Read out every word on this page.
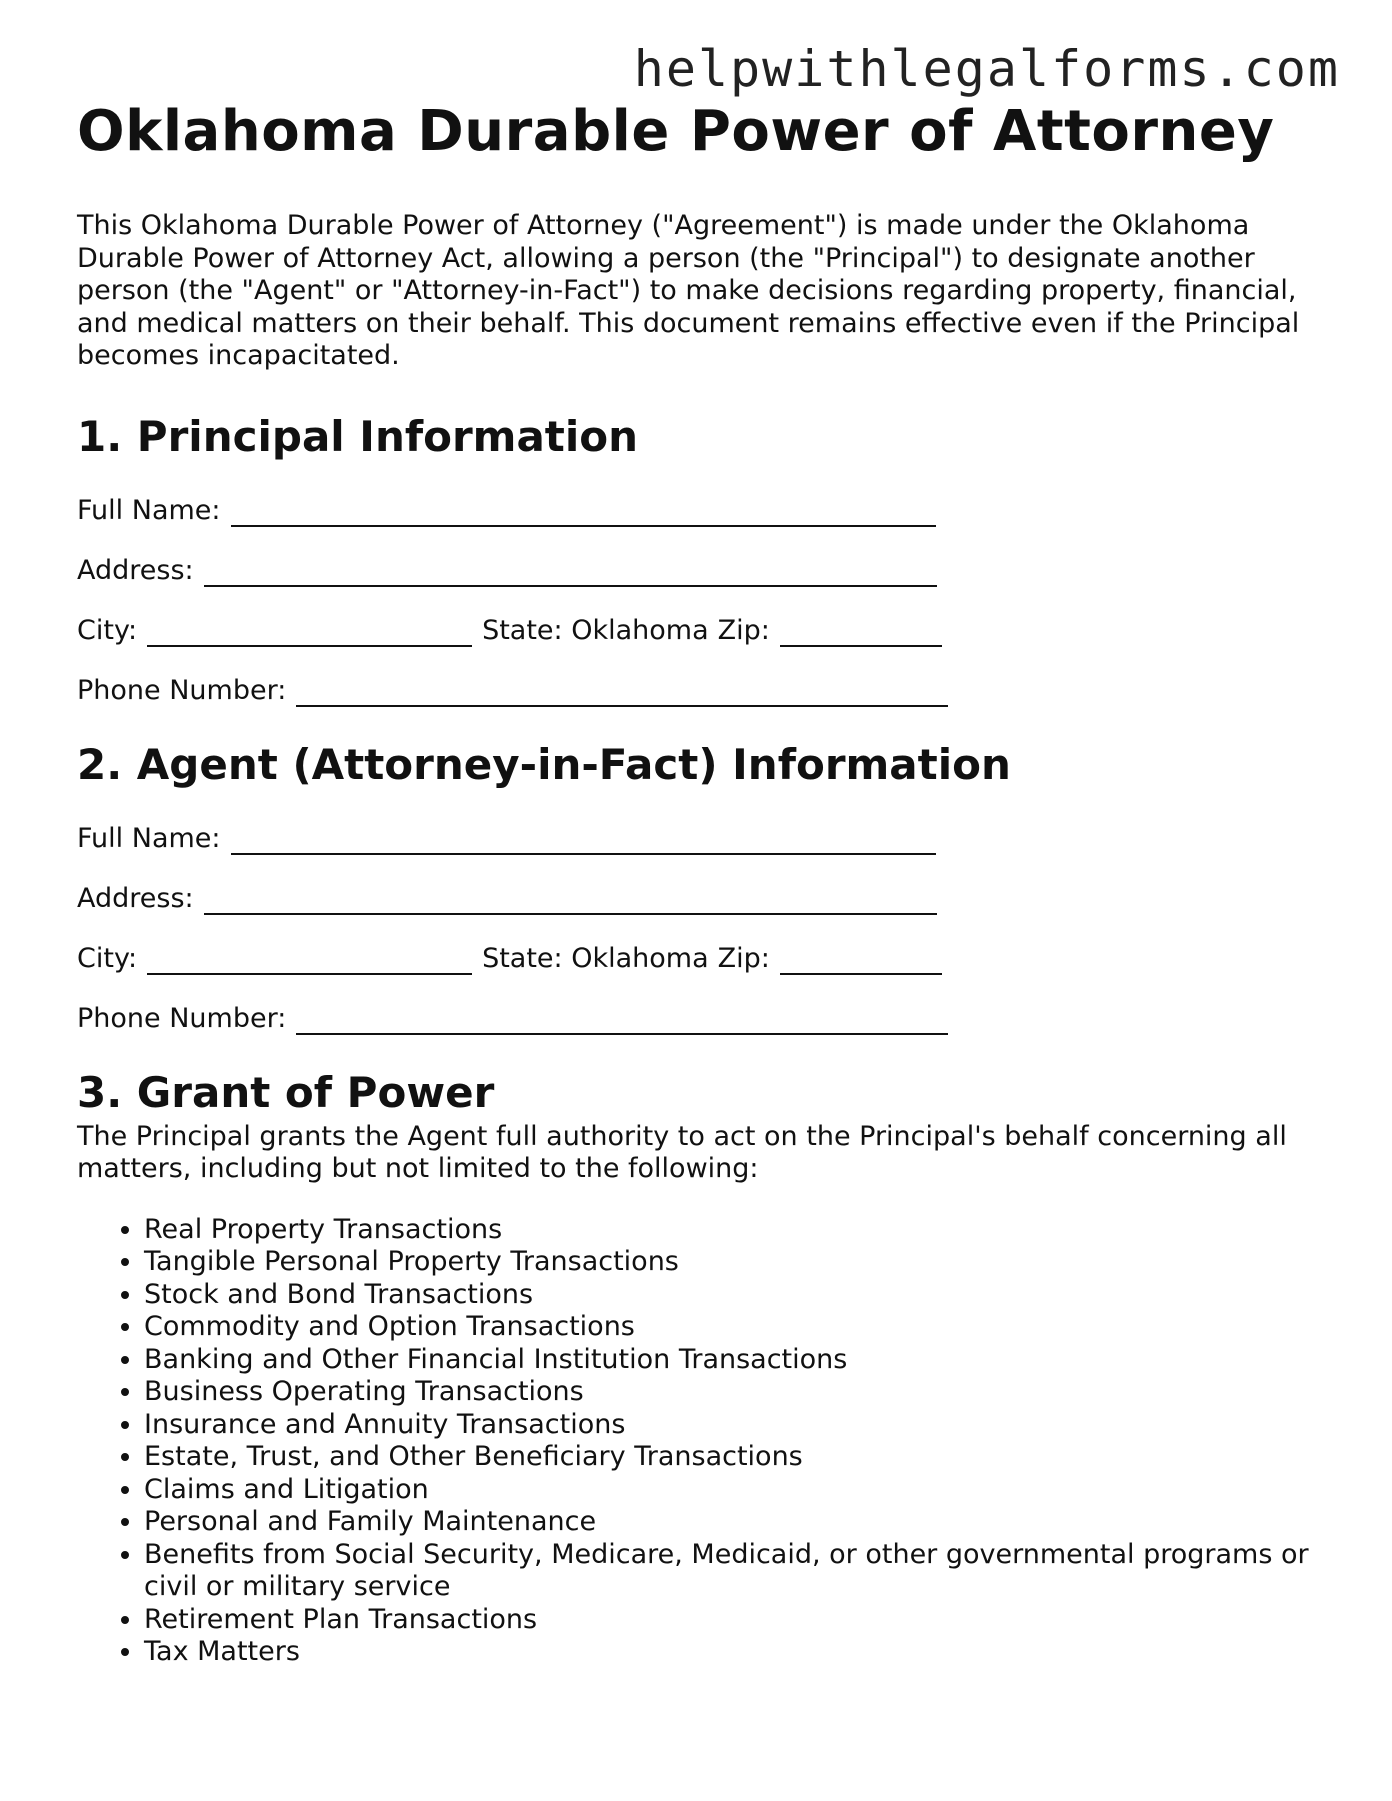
helpwithlegalforms.com
Oklahoma Durable Power of Attorney

This Oklahoma Durable Power of Attorney ("Agreement") is made under the Oklahoma Durable Power of Attorney Act, allowing a person (the "Principal") to designate another person (the "Agent" or "Attorney-in-Fact") to make decisions regarding property, financial, and medical matters on their behalf. This document remains effective even if the Principal becomes incapacitated.

1. Principal Information
Full Name:
Address:
City:	State: Oklahoma Zip:
Phone Number:
2. Agent (Attorney-in-Fact) Information
Full Name:
Address:
City:	State: Oklahoma Zip:
Phone Number:
3. Grant of Power

The Principal grants the Agent full authority to act on the Principal's behalf concerning all matters, including but not limited to the following:

• Real Property Transactions
• Tangible Personal Property Transactions
• Stock and Bond Transactions
• Commodity and Option Transactions
• Banking and Other Financial Institution Transactions
• Business Operating Transactions
• Insurance and Annuity Transactions
• Estate, Trust, and Other Beneficiary Transactions
• Claims and Litigation
• Personal and Family Maintenance
• Benefits from Social Security, Medicare, Medicaid, or other governmental programs or civil or military service
• Retirement Plan Transactions
• Tax Matters
